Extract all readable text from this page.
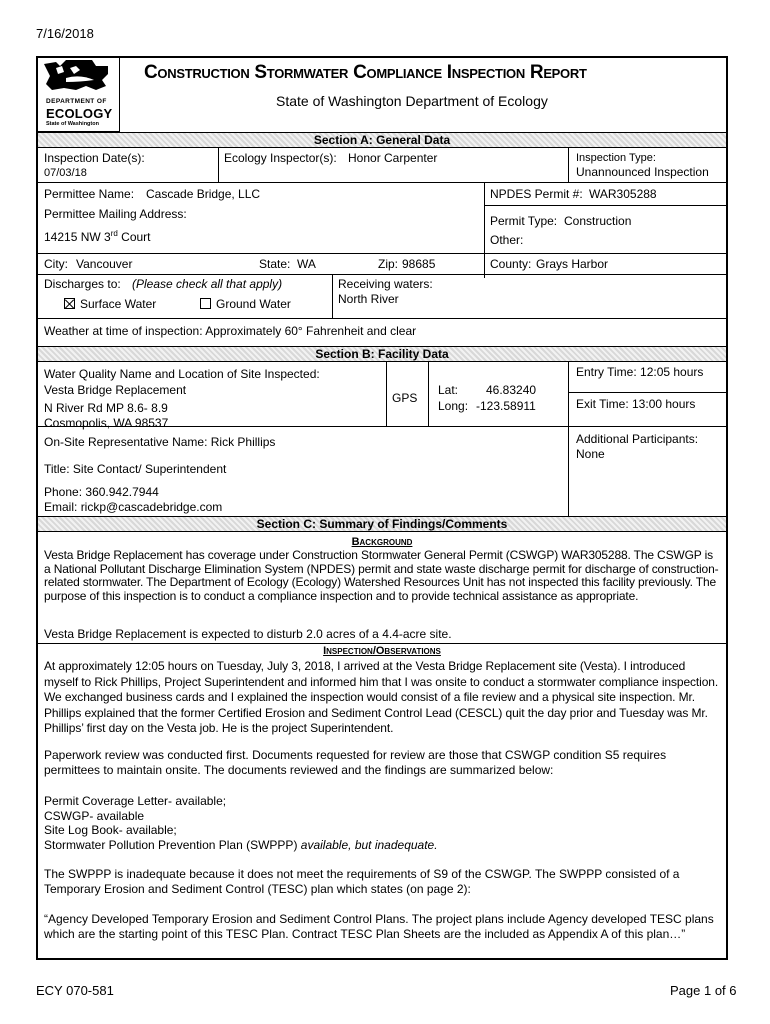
7/16/2018
DEPARTMENT OF
ECOLOGY
State of Washington
Construction Stormwater Compliance Inspection Report
State of Washington Department of Ecology
Section A: General Data
Inspection Date(s):
07/03/18
Ecology Inspector(s): Honor Carpenter	Inspection Type:
Unannounced Inspection
Permittee Name: Cascade Bridge, LLC	NPDES Permit #: WAR305288
Permittee Mailing Address:	Permit Type: Construction
14215 NW 3rd Court	Other:
City: Vancouver	State: WA	Zip: 98685	County: Grays Harbor
Discharges to: (Please check all that apply)
Surface Water	Ground Water
Receiving waters:
North River
Weather at time of inspection: Approximately 60° Fahrenheit and clear
Section B: Facility Data
Water Quality Name and Location of Site Inspected:
Vesta Bridge Replacement
N River Rd MP 8.6- 8.9
Cosmopolis, WA 98537
GPS
Lat: 46.83240
Long: -123.58911
Entry Time: 12:05 hours
Exit Time: 13:00 hours
On-Site Representative Name: Rick Phillips	Additional Participants:
None
Title: Site Contact/ Superintendent
Phone: 360.942.7944
Email: rickp@cascadebridge.com
Section C: Summary of Findings/Comments
Background
Vesta Bridge Replacement has coverage under Construction Stormwater General Permit (CSWGP) WAR305288. The CSWGP is a National Pollutant Discharge Elimination System (NPDES) permit and state waste discharge permit for discharge of construction-related stormwater. The Department of Ecology (Ecology) Watershed Resources Unit has not inspected this facility previously. The purpose of this inspection is to conduct a compliance inspection and to provide technical assistance as appropriate.
Vesta Bridge Replacement is expected to disturb 2.0 acres of a 4.4-acre site.
Inspection/Observations
At approximately 12:05 hours on Tuesday, July 3, 2018, I arrived at the Vesta Bridge Replacement site (Vesta). I introduced myself to Rick Phillips, Project Superintendent and informed him that I was onsite to conduct a stormwater compliance inspection. We exchanged business cards and I explained the inspection would consist of a file review and a physical site inspection. Mr. Phillips explained that the former Certified Erosion and Sediment Control Lead (CESCL) quit the day prior and Tuesday was Mr. Phillips’ first day on the Vesta job. He is the project Superintendent.
Paperwork review was conducted first. Documents requested for review are those that CSWGP condition S5 requires permittees to maintain onsite. The documents reviewed and the findings are summarized below:
Permit Coverage Letter- available;
CSWGP- available
Site Log Book- available;
Stormwater Pollution Prevention Plan (SWPPP) available, but inadequate.
The SWPPP is inadequate because it does not meet the requirements of S9 of the CSWGP. The SWPPP consisted of a Temporary Erosion and Sediment Control (TESC) plan which states (on page 2):
“Agency Developed Temporary Erosion and Sediment Control Plans. The project plans include Agency developed TESC plans which are the starting point of this TESC Plan. Contract TESC Plan Sheets are the included as Appendix A of this plan…”
ECY 070-581	Page 1 of 6
